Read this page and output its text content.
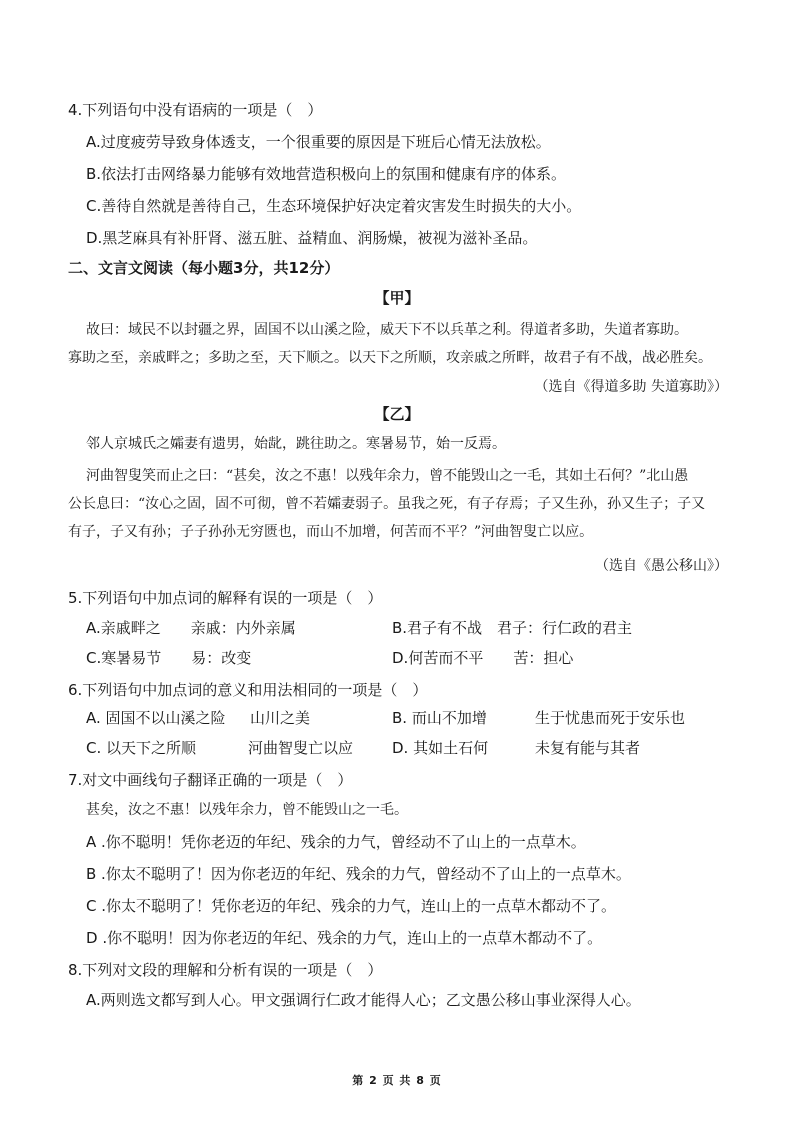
4.下列语句中没有语病的一项是（　）
A.过度疲劳导致身体透支，一个很重要的原因是下班后心情无法放松。
B.依法打击网络暴力能够有效地营造积极向上的氛围和健康有序的体系。
C.善待自然就是善待自己，生态环境保护好决定着灾害发生时损失的大小。
D.黑芝麻具有补肝肾、滋五脏、益精血、润肠燥，被视为滋补圣品。
二、文言文阅读（每小题3分，共12分）
【甲】
故曰：域民不以封疆之界，固国不以山溪之险，威天下不以兵革之利。得道者多助，失道者寡助。
寡助之至，亲戚畔之；多助之至，天下顺之。以天下之所顺，攻亲戚之所畔，故君子有不战，战必胜矣。
（选自《得道多助 失道寡助》）
【乙】
邻人京城氏之孀妻有遗男，始龀，跳往助之。寒暑易节，始一反焉。
河曲智叟笑而止之曰：“甚矣，汝之不惠！以残年余力，曾不能毁山之一毛，其如土石何？”北山愚
公长息曰：“汝心之固，固不可彻，曾不若孀妻弱子。虽我之死，有子存焉；子又生孙，孙又生子；子又
有子，子又有孙；子子孙孙无穷匮也，而山不加增，何苦而不平？”河曲智叟亡以应。
（选自《愚公移山》）
5.下列语句中加点词的解释有误的一项是（　）
A.亲戚畔之　　亲戚：内外亲属	B.君子有不战　君子：行仁政的君主
C.寒暑易节　　易：改变	D.何苦而不平　　苦：担心
6.下列语句中加点词的意义和用法相同的一项是（　）
A. 固国不以山溪之险 山川之美	B. 而山不加增	生于忧患而死于安乐也
C. 以天下之所顺	河曲智叟亡以应	D. 其如土石何	未复有能与其者
7.对文中画线句子翻译正确的一项是（　）
甚矣，汝之不惠！以残年余力，曾不能毁山之一毛。
A .你不聪明！凭你老迈的年纪、残余的力气，曾经动不了山上的一点草木。
B .你太不聪明了！因为你老迈的年纪、残余的力气，曾经动不了山上的一点草木。
C .你太不聪明了！凭你老迈的年纪、残余的力气，连山上的一点草木都动不了。
D .你不聪明！因为你老迈的年纪、残余的力气，连山上的一点草木都动不了。
8.下列对文段的理解和分析有误的一项是（　）
A.两则选文都写到人心。甲文强调行仁政才能得人心；乙文愚公移山事业深得人心。
第 2 页 共 8 页
